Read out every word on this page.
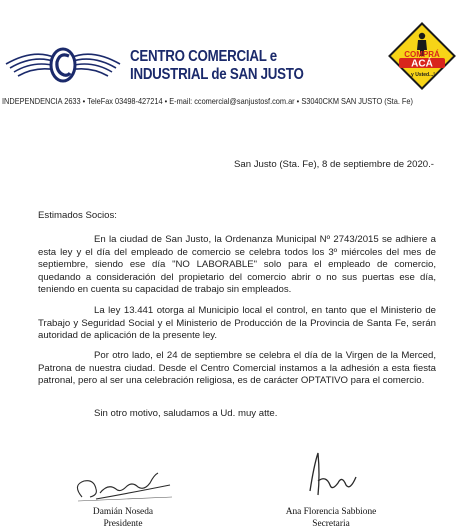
CENTRO COMERCIAL e
INDUSTRIAL de SAN JUSTO
COMPRÁ
ACÁ
y Usted...!
INDEPENDENCIA 2633 • TeleFax 03498-427214 • E-mail: ccomercial@sanjustosf.com.ar • S3040CKM SAN JUSTO (Sta. Fe)
San Justo (Sta. Fe), 8 de septiembre de 2020.-
Estimados Socios:

En la ciudad de San Justo, la Ordenanza Municipal Nº 2743/2015 se adhiere a esta ley y el día del empleado de comercio se celebra todos los 3º miércoles del mes de septiembre, siendo ese día "NO LABORABLE" solo para el empleado de comercio, quedando a consideración del propietario del comercio abrir o no sus puertas ese día, teniendo en cuenta su capacidad de trabajo sin empleados.

La ley 13.441 otorga al Municipio local el control, en tanto que el Ministerio de Trabajo y Seguridad Social y el Ministerio de Producción de la Provincia de Santa Fe, serán autoridad de aplicación de la presente ley.

Por otro lado, el 24 de septiembre se celebra el día de la Virgen de la Merced, Patrona de nuestra ciudad. Desde el Centro Comercial instamos a la adhesión a esta fiesta patronal, pero al ser una celebración religiosa, es de carácter OPTATIVO para el comercio.

Sin otro motivo, saludamos a Ud. muy atte.

Damián Noseda
Presidente
Ana Florencia Sabbione
Secretaria
